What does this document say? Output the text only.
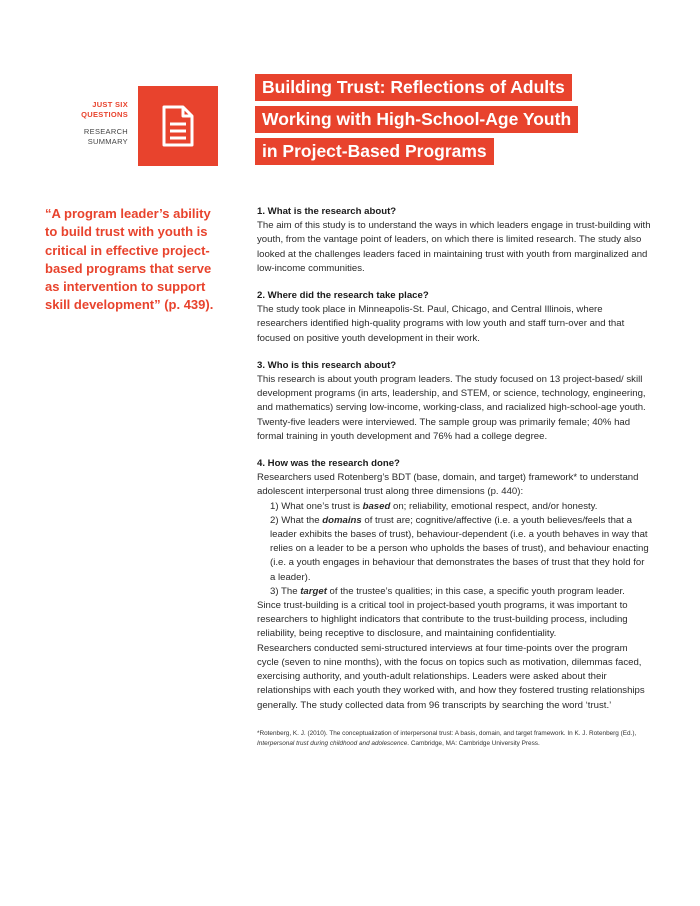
JUST SIX
QUESTIONS
RESEARCH
SUMMARY
Building Trust: Reflections of Adults
Working with High-School-Age Youth
in Project-Based Programs
“A program leader’s ability to build trust with youth is critical in effective project-based programs that serve as intervention to support skill development” (p. 439).
1. What is the research about?

The aim of this study is to understand the ways in which leaders engage in trust-building with youth, from the vantage point of leaders, on which there is limited research. The study also looked at the challenges leaders faced in maintaining trust with youth from marginalized and low-income communities.

2. Where did the research take place?

The study took place in Minneapolis-St. Paul, Chicago, and Central Illinois, where researchers identified high-quality programs with low youth and staff turn-over and that focused on positive youth development in their work.

3. Who is this research about?

This research is about youth program leaders. The study focused on 13 project-based/ skill development programs (in arts, leadership, and STEM, or science, technology, engineering, and mathematics) serving low-income, working-class, and racialized high-school-age youth. Twenty-five leaders were interviewed. The sample group was primarily female; 40% had formal training in youth development and 76% had a college degree.

4. How was the research done?

Researchers used Rotenberg’s BDT (base, domain, and target) framework* to understand adolescent interpersonal trust along three dimensions (p. 440):

1) What one’s trust is based on; reliability, emotional respect, and/or honesty.

2) What the domains of trust are; cognitive/affective (i.e. a youth believes/feels that a leader exhibits the bases of trust), behaviour-dependent (i.e. a youth behaves in way that relies on a leader to be a person who upholds the bases of trust), and behaviour enacting (i.e. a youth engages in behaviour that demonstrates the bases of trust that they hold for a leader).

3) The target of the trustee’s qualities; in this case, a specific youth program leader.

Since trust-building is a critical tool in project-based youth programs, it was important to researchers to highlight indicators that contribute to the trust-building process, including reliability, being receptive to disclosure, and maintaining confidentiality.

Researchers conducted semi-structured interviews at four time-points over the program cycle (seven to nine months), with the focus on topics such as motivation, dilemmas faced, exercising authority, and youth-adult relationships. Leaders were asked about their relationships with each youth they worked with, and how they fostered trusting relationships generally. The study collected data from 96 transcripts by searching the word ‘trust.’

*Rotenberg, K. J. (2010). The conceptualization of interpersonal trust: A basis, domain, and target framework. In K. J. Rotenberg (Ed.), Interpersonal trust during childhood and adolescence. Cambridge, MA: Cambridge University Press.
